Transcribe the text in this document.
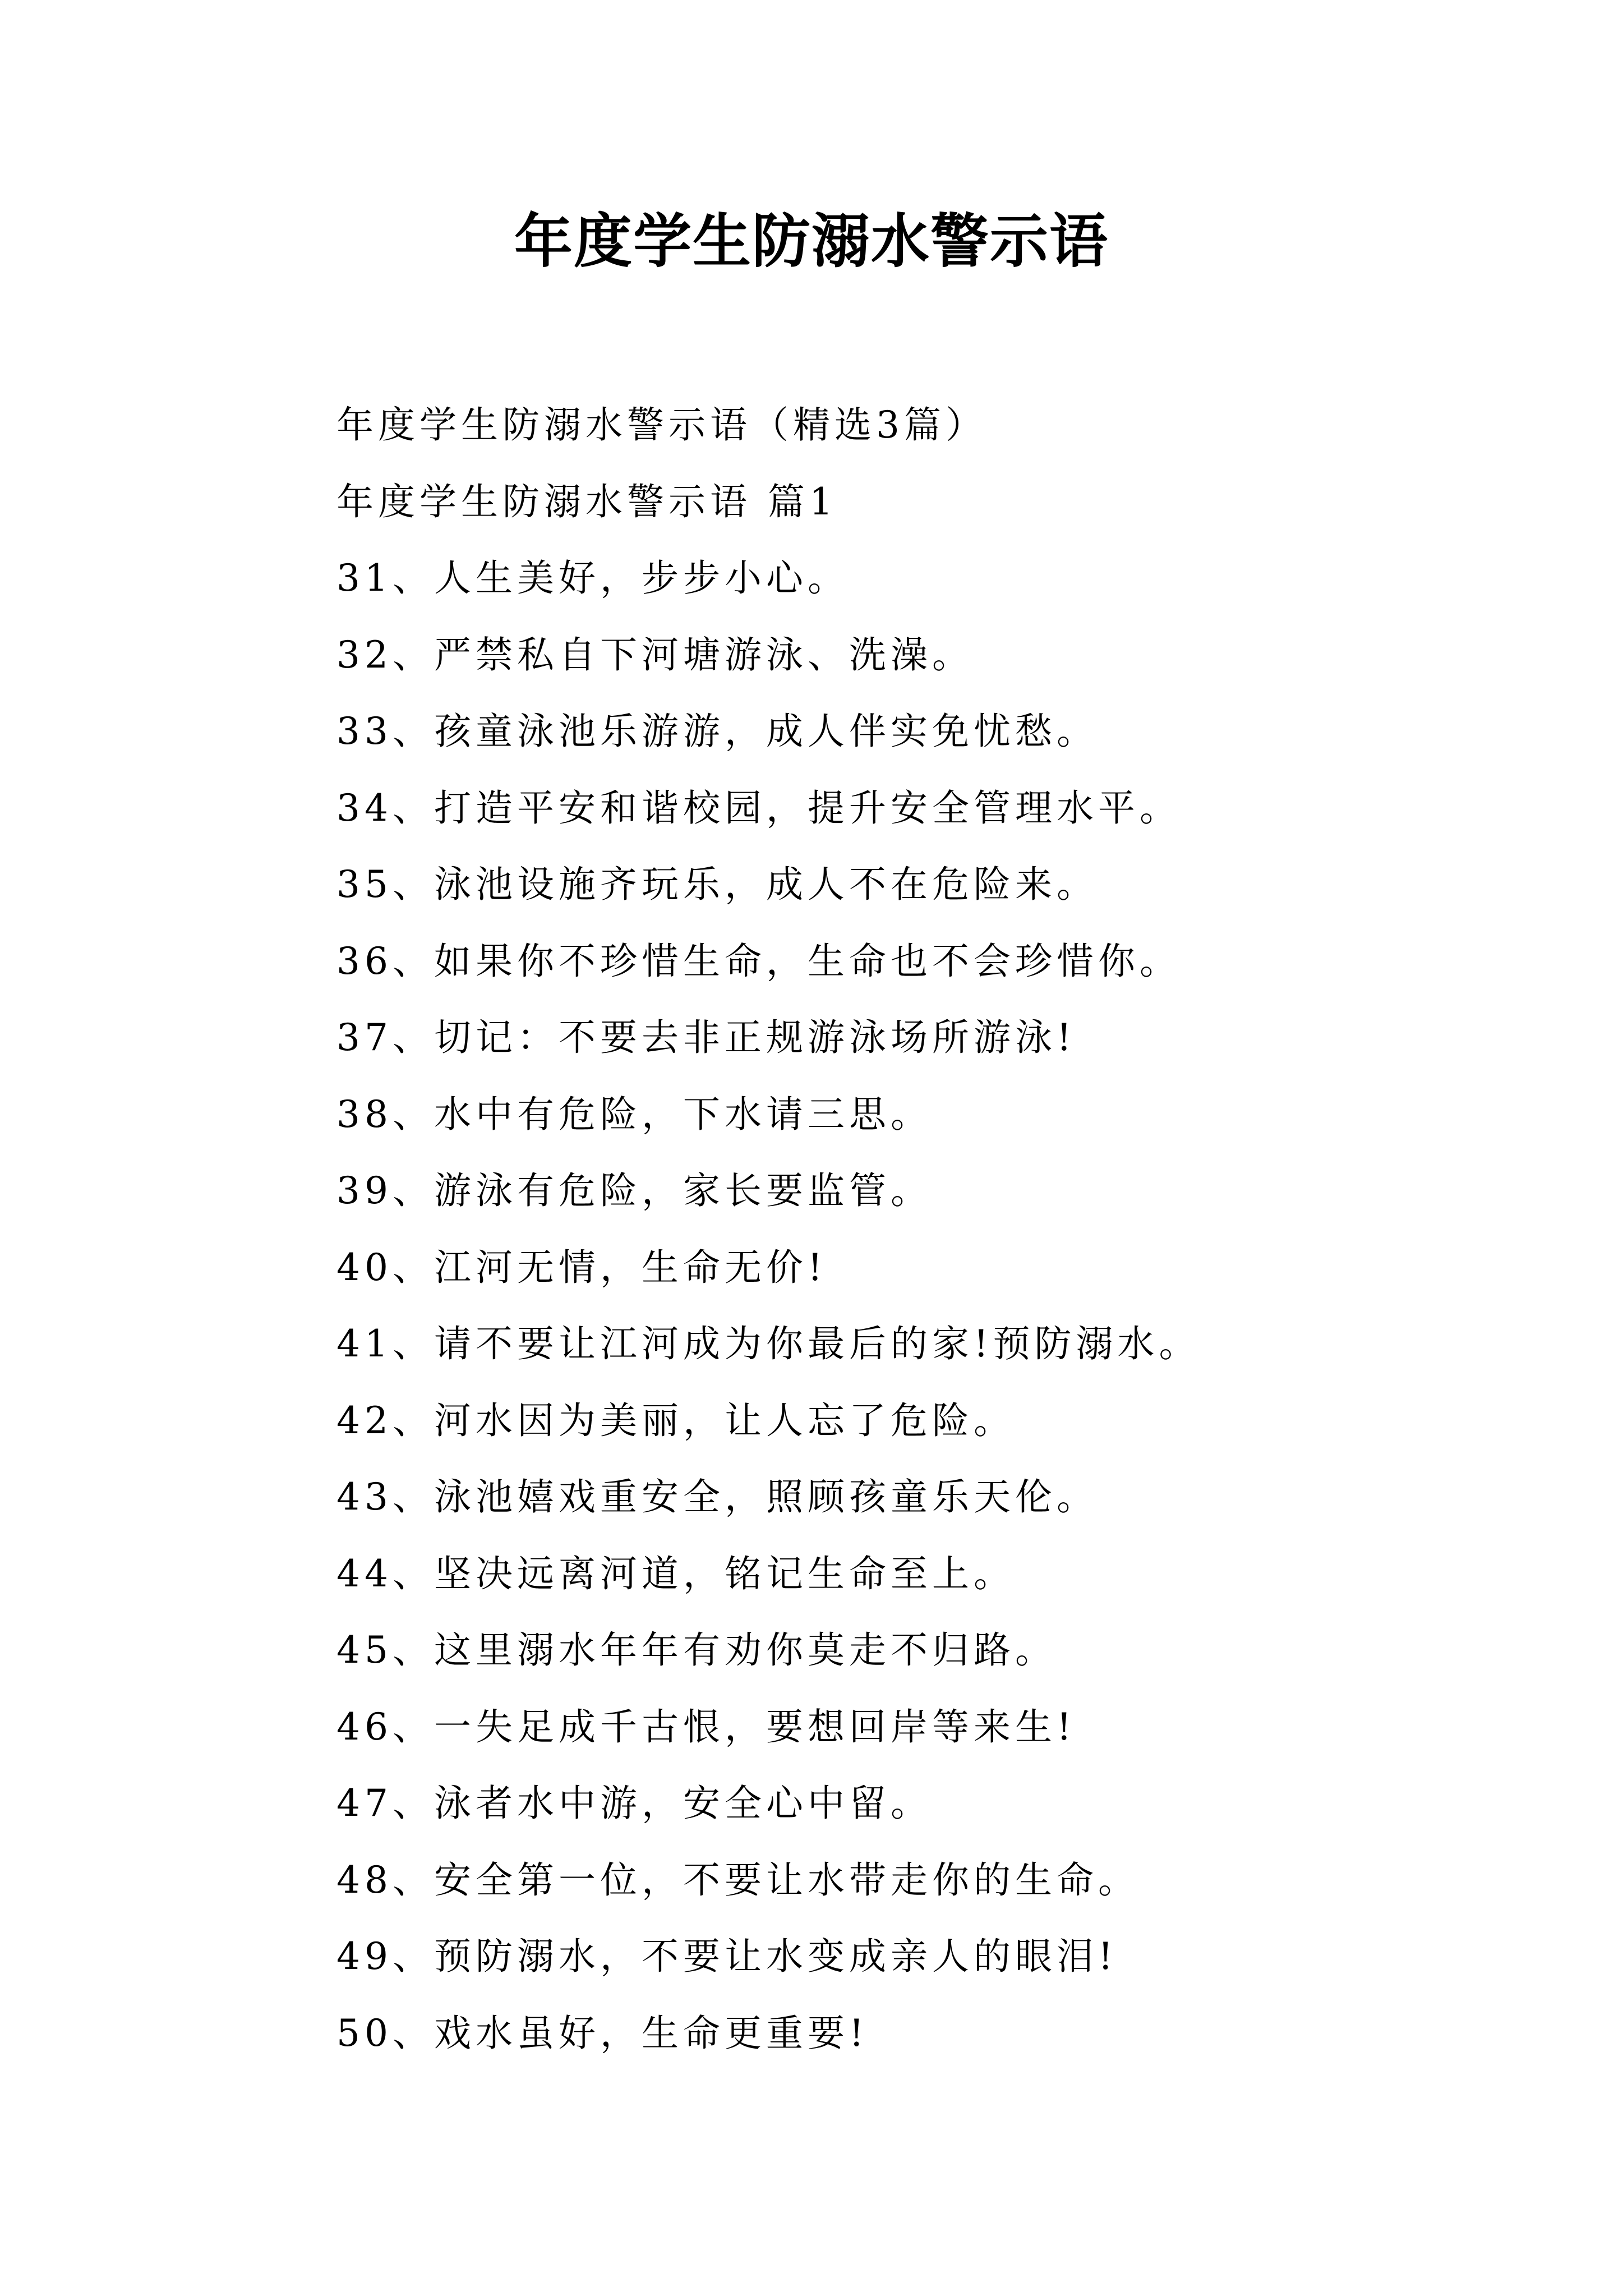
年度学生防溺水警示语
年度学生防溺水警示语（精选3篇）
年度学生防溺水警示语 篇1
31、人生美好，步步小心。
32、严禁私自下河塘游泳、洗澡。
33、孩童泳池乐游游，成人伴实免忧愁。
34、打造平安和谐校园，提升安全管理水平。
35、泳池设施齐玩乐，成人不在危险来。
36、如果你不珍惜生命，生命也不会珍惜你。
37、切记：不要去非正规游泳场所游泳!
38、水中有危险，下水请三思。
39、游泳有危险，家长要监管。
40、江河无情，生命无价!
41、请不要让江河成为你最后的家!预防溺水。
42、河水因为美丽，让人忘了危险。
43、泳池嬉戏重安全，照顾孩童乐天伦。
44、坚决远离河道，铭记生命至上。
45、这里溺水年年有劝你莫走不归路。
46、一失足成千古恨，要想回岸等来生!
47、泳者水中游，安全心中留。
48、安全第一位，不要让水带走你的生命。
49、预防溺水，不要让水变成亲人的眼泪!
50、戏水虽好，生命更重要!
